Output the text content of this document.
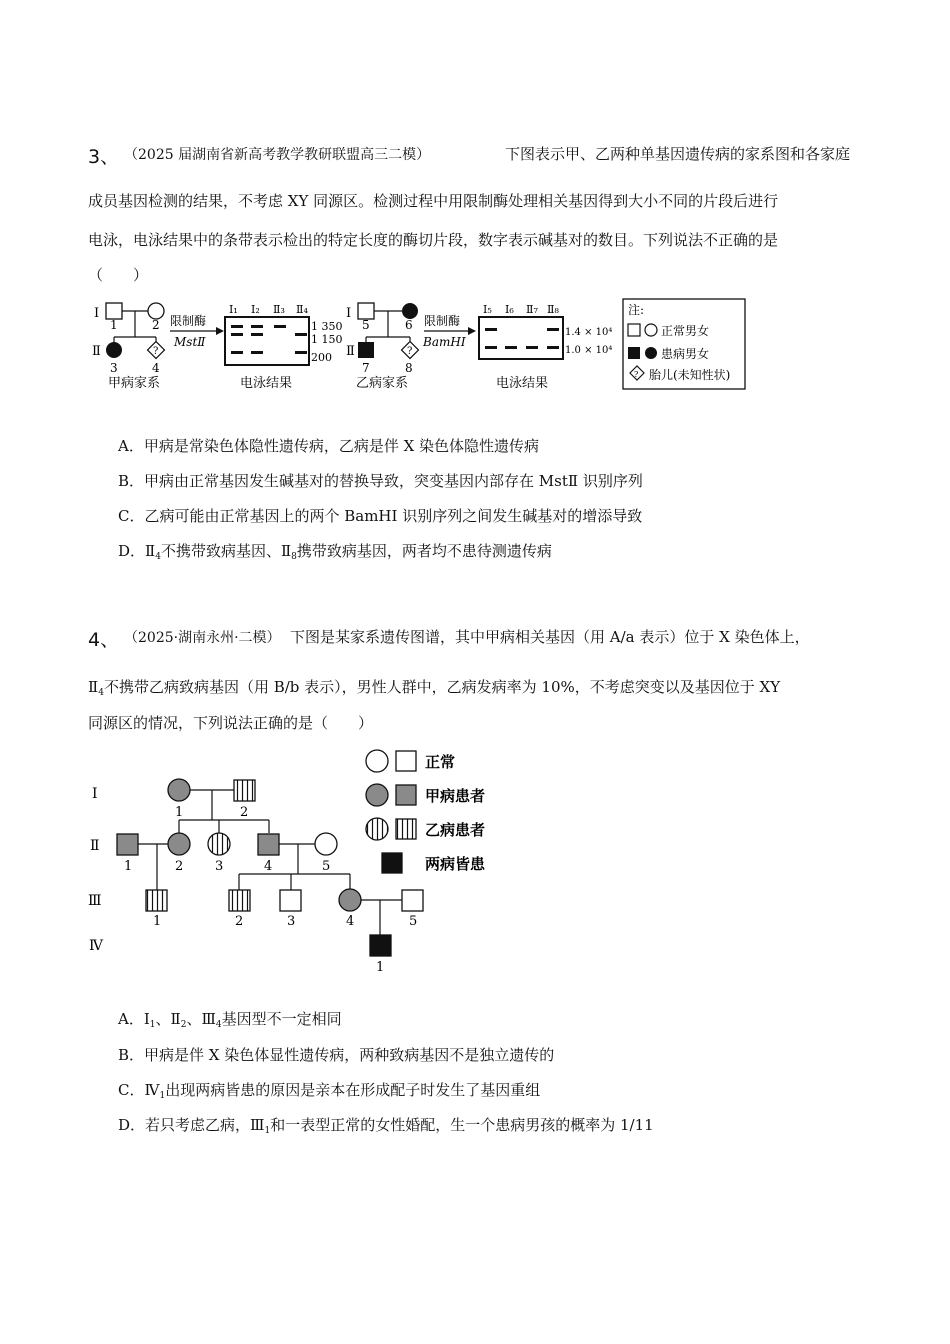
3、 （2025 届湖南省新高考教学教研联盟高三二模）	下图表示甲、乙两种单基因遗传病的家系图和各家庭
成员基因检测的结果，不考虑 XY 同源区。检测过程中用限制酶处理相关基因得到大小不同的片段后进行
电泳，电泳结果中的条带表示检出的特定长度的酶切片段，数字表示碱基对的数目。下列说法不正确的是
（　　）
Ⅰ
1	2
Ⅱ	?
3	4
甲病家系
限制酶
MstⅡ
Ⅰ₁ Ⅰ₂ Ⅱ₃ Ⅱ₄
1 350
1 150
200
电泳结果
Ⅰ
5	6
Ⅱ	?
7	8
乙病家系
限制酶
BamHⅠ
Ⅰ₅ Ⅰ₆ Ⅱ₇ Ⅱ₈
1.4 × 10⁴
1.0 × 10⁴
电泳结果
注:
正常男女
患病男女
? 胎儿(未知性状)
A．甲病是常染色体隐性遗传病，乙病是伴 X 染色体隐性遗传病
B．甲病由正常基因发生碱基对的替换导致，突变基因内部存在 MstⅡ 识别序列
C．乙病可能由正常基因上的两个 BamHⅠ 识别序列之间发生碱基对的增添导致
D．$Ⅱ_4$不携带致病基因、$Ⅱ_8$携带致病基因，两者均不患待测遗传病
4、 （2025·湖南永州·二模） 下图是某家系遗传图谱，其中甲病相关基因（用 A/a 表示）位于 X 染色体上，
$Ⅱ_4$不携带乙病致病基因（用 B/b 表示），男性人群中，乙病发病率为 10%，不考虑突变以及基因位于 XY
同源区的情况，下列说法正确的是（　　）
Ⅰ
Ⅱ
Ⅲ
Ⅳ
1	2
1	2 3	4	5
1	2	3	4	5
1
正常
甲病患者
乙病患者
两病皆患
A．$I_1$、$Ⅱ_2$、$Ⅲ_4$基因型不一定相同
B．甲病是伴 X 染色体显性遗传病，两种致病基因不是独立遗传的
C．$Ⅳ_1$出现两病皆患的原因是亲本在形成配子时发生了基因重组
D．若只考虑乙病，$Ⅲ_1$和一表型正常的女性婚配，生一个患病男孩的概率为 1/11
